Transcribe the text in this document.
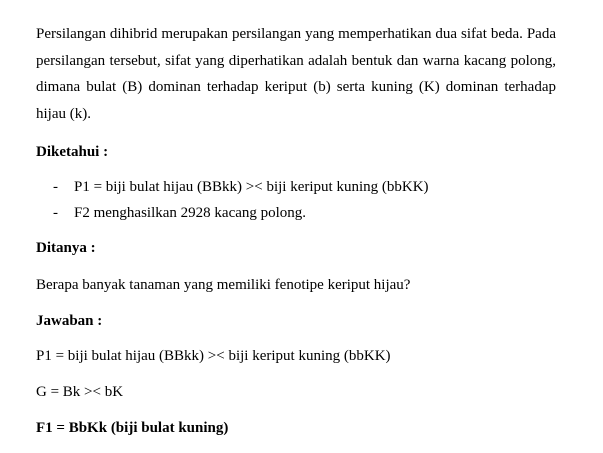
Persilangan dihibrid merupakan persilangan yang memperhatikan dua sifat beda. Pada persilangan tersebut, sifat yang diperhatikan adalah bentuk dan warna kacang polong, dimana bulat (B) dominan terhadap keriput (b) serta kuning (K) dominan terhadap hijau (k).

Diketahui :

- P1 = biji bulat hijau (BBkk) >< biji keriput kuning (bbKK)

- F2 menghasilkan 2928 kacang polong.

Ditanya :

Berapa banyak tanaman yang memiliki fenotipe keriput hijau?

Jawaban :

P1 = biji bulat hijau (BBkk) >< biji keriput kuning (bbKK)

G = Bk >< bK

F1 = BbKk (biji bulat kuning)
